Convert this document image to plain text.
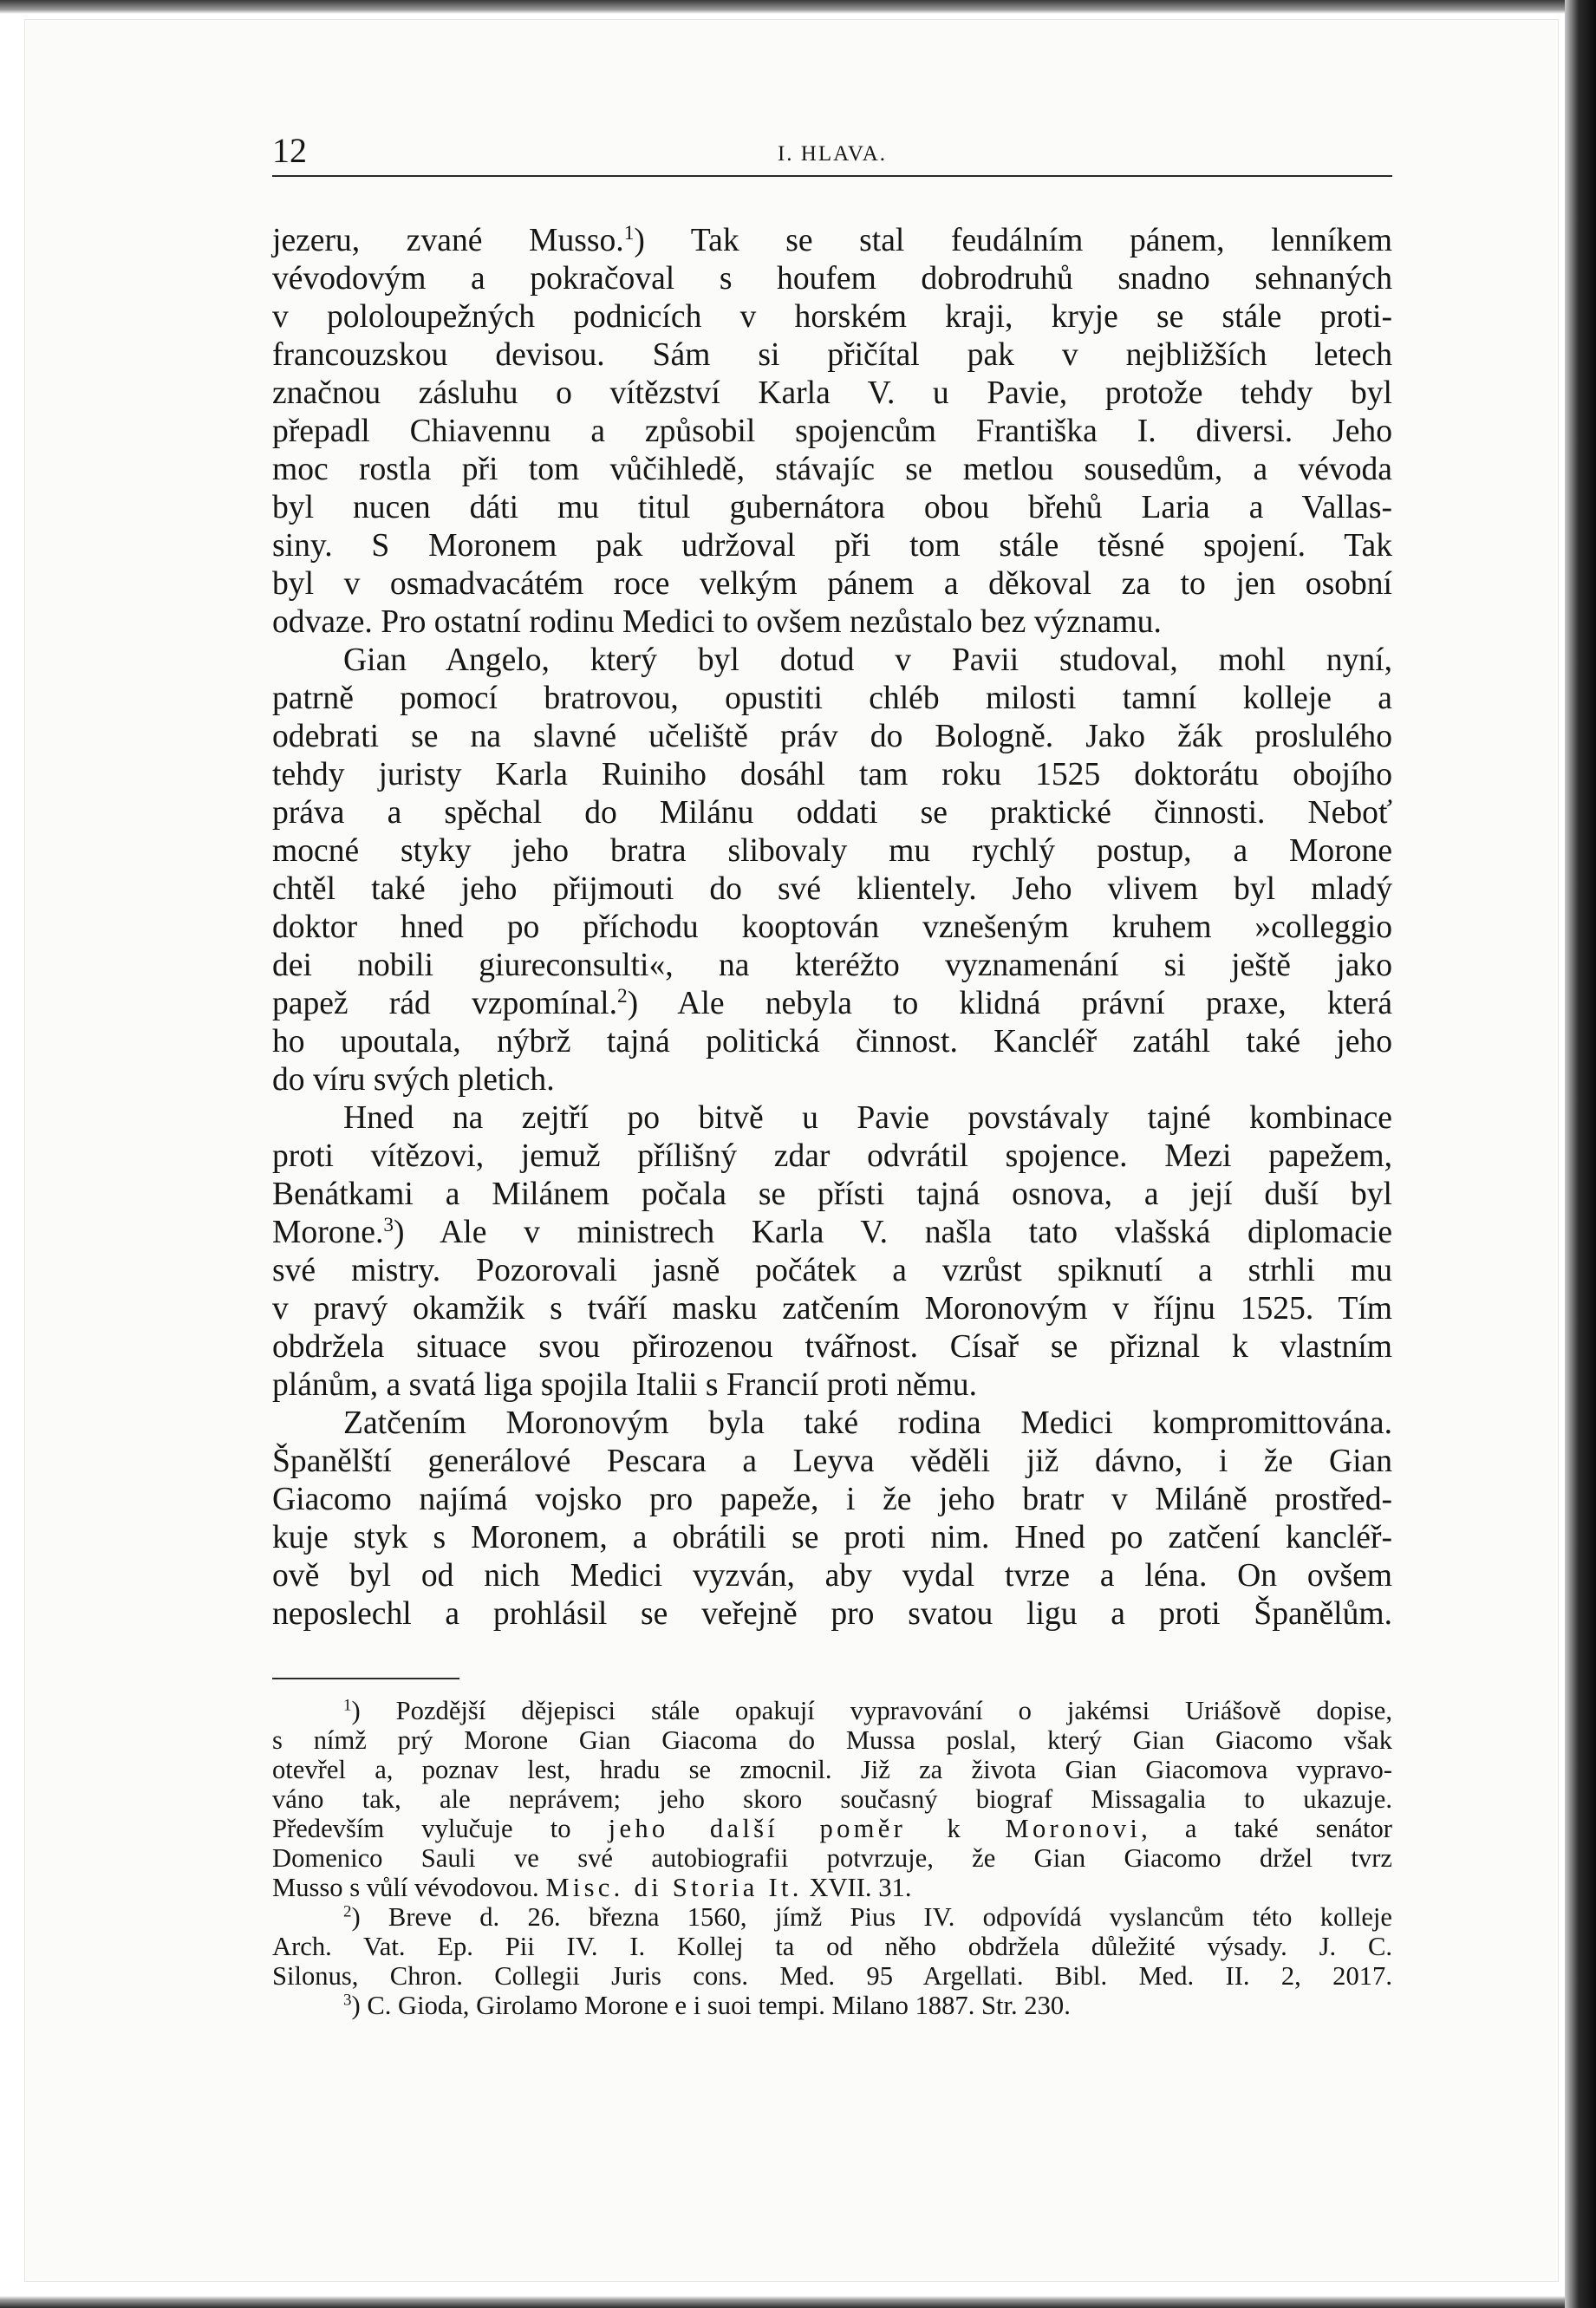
12	I. HLAVA.
jezeru, zvané Musso.$^1$) Tak se stal feudálním pánem, lenníkem
vévodovým a pokračoval s houfem dobrodruhů snadno sehnaných
v pololoupežných podnicích v horském kraji, kryje se stále proti-
francouzskou devisou. Sám si přičítal pak v nejbližších letech
značnou zásluhu o vítězství Karla V. u Pavie, protože tehdy byl
přepadl Chiavennu a způsobil spojencům Františka I. diversi. Jeho
moc rostla při tom vůčihledě, stávajíc se metlou sousedům, a vévoda
byl nucen dáti mu titul gubernátora obou břehů Laria a Vallas-
siny. S Moronem pak udržoval při tom stále těsné spojení. Tak
byl v osmadvacátém roce velkým pánem a děkoval za to jen osobní
odvaze. Pro ostatní rodinu Medici to ovšem nezůstalo bez významu.
Gian Angelo, který byl dotud v Pavii studoval, mohl nyní,
patrně pomocí bratrovou, opustiti chléb milosti tamní kolleje a
odebrati se na slavné učeliště práv do Bologně. Jako žák proslulého
tehdy juristy Karla Ruiniho dosáhl tam roku 1525 doktorátu obojího
práva a spěchal do Milánu oddati se praktické činnosti. Neboť
mocné styky jeho bratra slibovaly mu rychlý postup, a Morone
chtěl také jeho přijmouti do své klientely. Jeho vlivem byl mladý
doktor hned po příchodu kooptován vznešeným kruhem »colleggio
dei nobili giureconsulti«, na kteréžto vyznamenání si ještě jako
papež rád vzpomínal.$^2$) Ale nebyla to klidná právní praxe, která
ho upoutala, nýbrž tajná politická činnost. Kancléř zatáhl také jeho
do víru svých pletich.
Hned na zejtří po bitvě u Pavie povstávaly tajné kombinace
proti vítězovi, jemuž přílišný zdar odvrátil spojence. Mezi papežem,
Benátkami a Milánem počala se přísti tajná osnova, a její duší byl
Morone.$^3$) Ale v ministrech Karla V. našla tato vlašská diplomacie
své mistry. Pozorovali jasně počátek a vzrůst spiknutí a strhli mu
v pravý okamžik s tváří masku zatčením Moronovým v říjnu 1525. Tím
obdržela situace svou přirozenou tvářnost. Císař se přiznal k vlastním
plánům, a svatá liga spojila Italii s Francií proti němu.
Zatčením Moronovým byla také rodina Medici kompromittována.
Španělští generálové Pescara a Leyva věděli již dávno, i že Gian
Giacomo najímá vojsko pro papeže, i že jeho bratr v Miláně prostřed-
kuje styk s Moronem, a obrátili se proti nim. Hned po zatčení kancléř-
ově byl od nich Medici vyzván, aby vydal tvrze a léna. On ovšem
neposlechl a prohlásil se veřejně pro svatou ligu a proti Španělům.
$^1$) Pozdější dějepisci stále opakují vypravování o jakémsi Uriášově dopise,
s nímž prý Morone Gian Giacoma do Mussa poslal, který Gian Giacomo však
otevřel a, poznav lest, hradu se zmocnil. Již za života Gian Giacomova vypravo-
váno tak, ale neprávem; jeho skoro současný biograf Missagalia to ukazuje.
Především vylučuje to jeho další poměr k Moronovi, a také senátor
Domenico Sauli ve své autobiografii potvrzuje, že Gian Giacomo držel tvrz
Musso s vůlí vévodovou. Misc. di Storia It. XVII. 31.
$^2$) Breve d. 26. března 1560, jímž Pius IV. odpovídá vyslancům této kolleje
Arch. Vat. Ep. Pii IV. I. Kollej ta od něho obdržela důležité výsady. J. C.
Silonus, Chron. Collegii Juris cons. Med. 95 Argellati. Bibl. Med. II. 2, 2017.
$^3$) C. Gioda, Girolamo Morone e i suoi tempi. Milano 1887. Str. 230.
